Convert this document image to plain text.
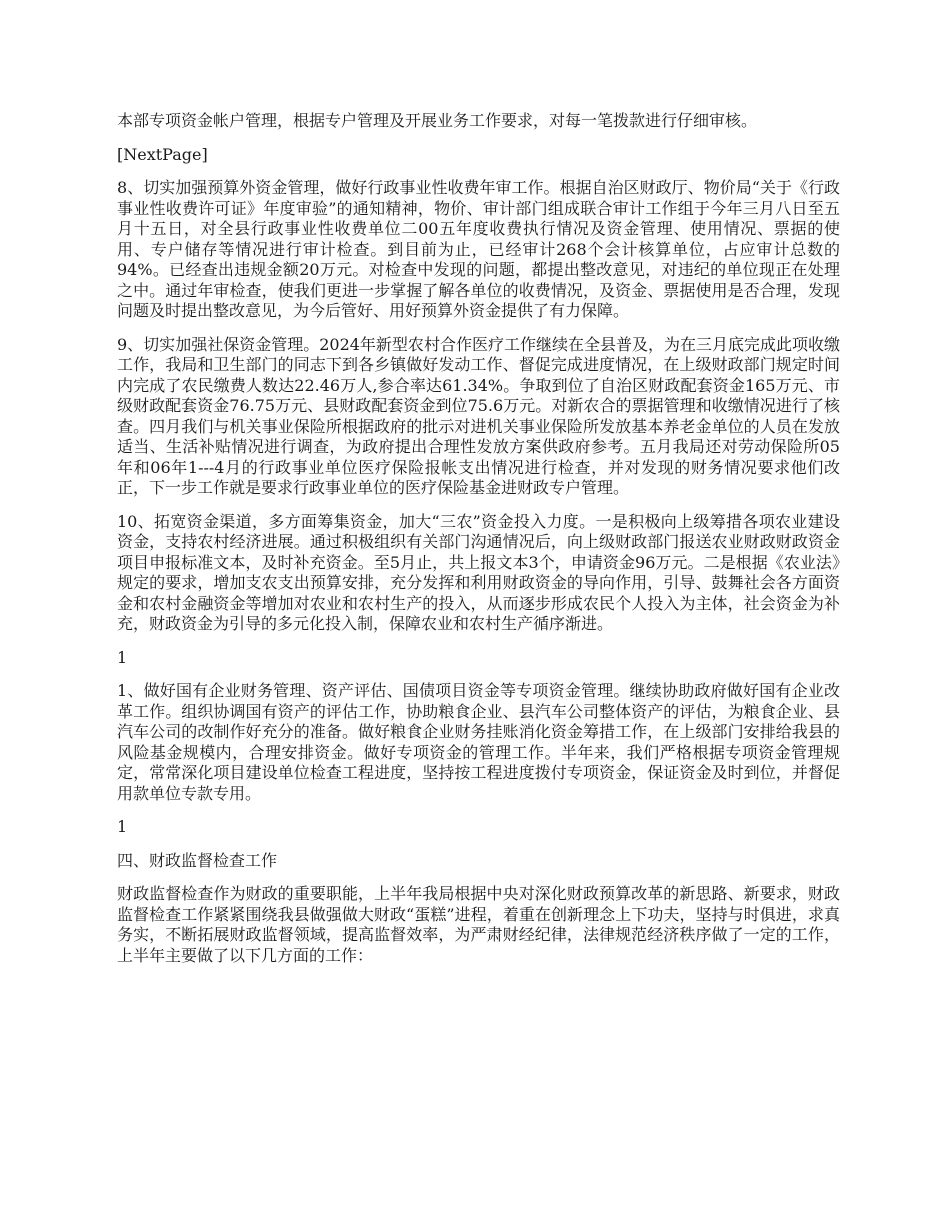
本部专项资金帐户管理，根据专户管理及开展业务工作要求，对每一笔拨款进行仔细审核。

[NextPage]

8、切实加强预算外资金管理，做好行政事业性收费年审工作。根据自治区财政厅、物价局“关于《行政事业性收费许可证》年度审验”的通知精神，物价、审计部门组成联合审计工作组于今年三月八日至五月十五日，对全县行政事业性收费单位二00五年度收费执行情况及资金管理、使用情况、票据的使用、专户储存等情况进行审计检查。到目前为止，已经审计268个会计核算单位，占应审计总数的94%。已经查出违规金额20万元。对检查中发现的问题，都提出整改意见，对违纪的单位现正在处理之中。通过年审检查，使我们更进一步掌握了解各单位的收费情况，及资金、票据使用是否合理，发现问题及时提出整改意见，为今后管好、用好预算外资金提供了有力保障。

9、切实加强社保资金管理。2024年新型农村合作医疗工作继续在全县普及，为在三月底完成此项收缴工作，我局和卫生部门的同志下到各乡镇做好发动工作、督促完成进度情况，在上级财政部门规定时间内完成了农民缴费人数达22.46万人,参合率达61.34%。争取到位了自治区财政配套资金165万元、市级财政配套资金76.75万元、县财政配套资金到位75.6万元。对新农合的票据管理和收缴情况进行了核查。四月我们与机关事业保险所根据政府的批示对进机关事业保险所发放基本养老金单位的人员在发放适当、生活补贴情况进行调查，为政府提出合理性发放方案供政府参考。五月我局还对劳动保险所05年和06年1---4月的行政事业单位医疗保险报帐支出情况进行检查，并对发现的财务情况要求他们改正，下一步工作就是要求行政事业单位的医疗保险基金进财政专户管理。

10、拓宽资金渠道，多方面筹集资金，加大“三农”资金投入力度。一是积极向上级筹措各项农业建设资金，支持农村经济进展。通过积极组织有关部门沟通情况后，向上级财政部门报送农业财政财政资金项目申报标准文本，及时补充资金。至5月止，共上报文本3个，申请资金96万元。二是根据《农业法》规定的要求，增加支农支出预算安排，充分发挥和利用财政资金的导向作用，引导、鼓舞社会各方面资金和农村金融资金等增加对农业和农村生产的投入，从而逐步形成农民个人投入为主体，社会资金为补充，财政资金为引导的多元化投入制，保障农业和农村生产循序渐进。

1

1、做好国有企业财务管理、资产评估、国债项目资金等专项资金管理。继续协助政府做好国有企业改革工作。组织协调国有资产的评估工作，协助粮食企业、县汽车公司整体资产的评估，为粮食企业、县汽车公司的改制作好充分的准备。做好粮食企业财务挂账消化资金筹措工作，在上级部门安排给我县的风险基金规模内，合理安排资金。做好专项资金的管理工作。半年来，我们严格根据专项资金管理规定，常常深化项目建设单位检查工程进度，坚持按工程进度拨付专项资金，保证资金及时到位，并督促用款单位专款专用。

1

四、财政监督检查工作

财政监督检查作为财政的重要职能，上半年我局根据中央对深化财政预算改革的新思路、新要求，财政监督检查工作紧紧围绕我县做强做大财政“蛋糕”进程，着重在创新理念上下功夫，坚持与时俱进，求真务实，不断拓展财政监督领域，提高监督效率，为严肃财经纪律，法律规范经济秩序做了一定的工作，上半年主要做了以下几方面的工作：
